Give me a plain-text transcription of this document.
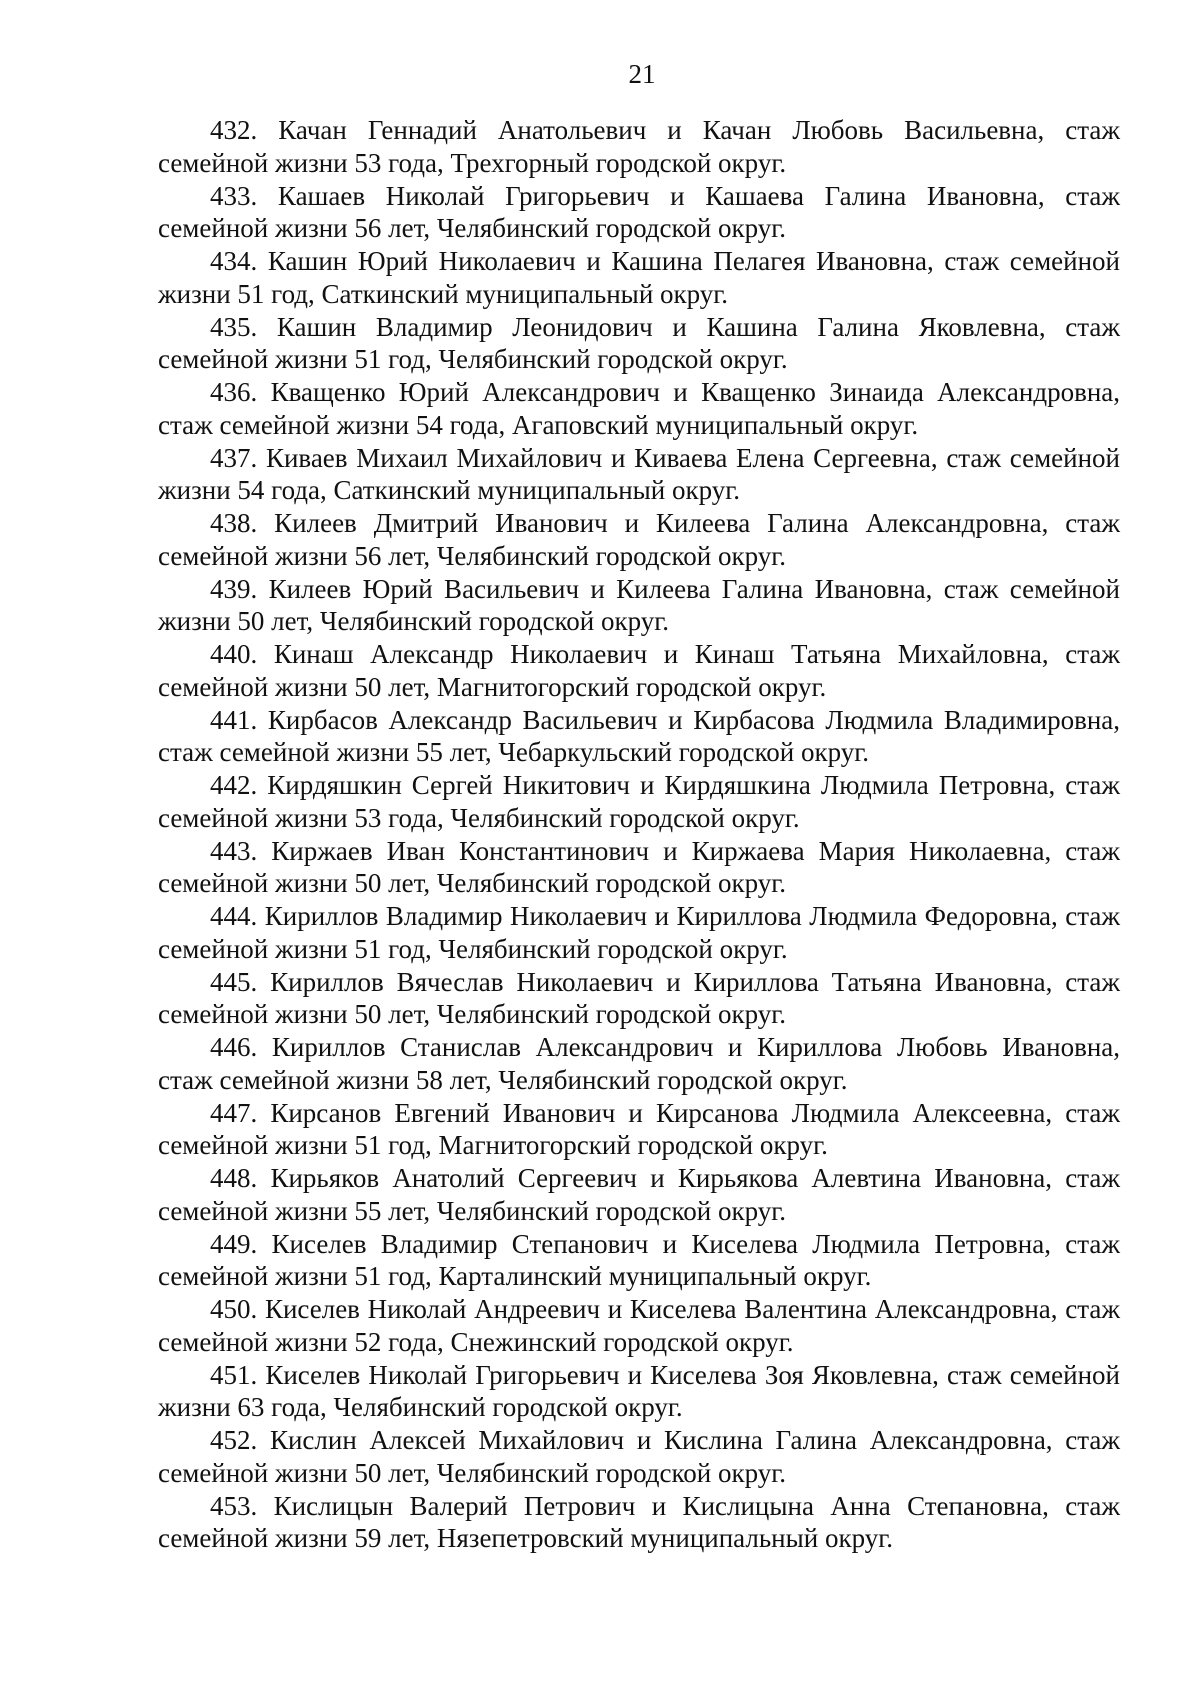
21
432. Качан Геннадий Анатольевич и Качан Любовь Васильевна, стаж семейной жизни 53 года, Трехгорный городской округ.
433. Кашаев Николай Григорьевич и Кашаева Галина Ивановна, стаж семейной жизни 56 лет, Челябинский городской округ.
434. Кашин Юрий Николаевич и Кашина Пелагея Ивановна, стаж семейной жизни 51 год, Саткинский муниципальный округ.
435. Кашин Владимир Леонидович и Кашина Галина Яковлевна, стаж семейной жизни 51 год, Челябинский городской округ.
436. Кващенко Юрий Александрович и Кващенко Зинаида Александровна, стаж семейной жизни 54 года, Агаповский муниципальный округ.
437. Киваев Михаил Михайлович и Киваева Елена Сергеевна, стаж семейной жизни 54 года, Саткинский муниципальный округ.
438. Килеев Дмитрий Иванович и Килеева Галина Александровна, стаж семейной жизни 56 лет, Челябинский городской округ.
439. Килеев Юрий Васильевич и Килеева Галина Ивановна, стаж семейной жизни 50 лет, Челябинский городской округ.
440. Кинаш Александр Николаевич и Кинаш Татьяна Михайловна, стаж семейной жизни 50 лет, Магнитогорский городской округ.
441. Кирбасов Александр Васильевич и Кирбасова Людмила Владимировна, стаж семейной жизни 55 лет, Чебаркульский городской округ.
442. Кирдяшкин Сергей Никитович и Кирдяшкина Людмила Петровна, стаж семейной жизни 53 года, Челябинский городской округ.
443. Киржаев Иван Константинович и Киржаева Мария Николаевна, стаж семейной жизни 50 лет, Челябинский городской округ.
444. Кириллов Владимир Николаевич и Кириллова Людмила Федоровна, стаж семейной жизни 51 год, Челябинский городской округ.
445. Кириллов Вячеслав Николаевич и Кириллова Татьяна Ивановна, стаж семейной жизни 50 лет, Челябинский городской округ.
446. Кириллов Станислав Александрович и Кириллова Любовь Ивановна, стаж семейной жизни 58 лет, Челябинский городской округ.
447. Кирсанов Евгений Иванович и Кирсанова Людмила Алексеевна, стаж семейной жизни 51 год, Магнитогорский городской округ.
448. Кирьяков Анатолий Сергеевич и Кирьякова Алевтина Ивановна, стаж семейной жизни 55 лет, Челябинский городской округ.
449. Киселев Владимир Степанович и Киселева Людмила Петровна, стаж семейной жизни 51 год, Карталинский муниципальный округ.
450. Киселев Николай Андреевич и Киселева Валентина Александровна, стаж семейной жизни 52 года, Снежинский городской округ.
451. Киселев Николай Григорьевич и Киселева Зоя Яковлевна, стаж семейной жизни 63 года, Челябинский городской округ.
452. Кислин Алексей Михайлович и Кислина Галина Александровна, стаж семейной жизни 50 лет, Челябинский городской округ.
453. Кислицын Валерий Петрович и Кислицына Анна Степановна, стаж семейной жизни 59 лет, Нязепетровский муниципальный округ.
